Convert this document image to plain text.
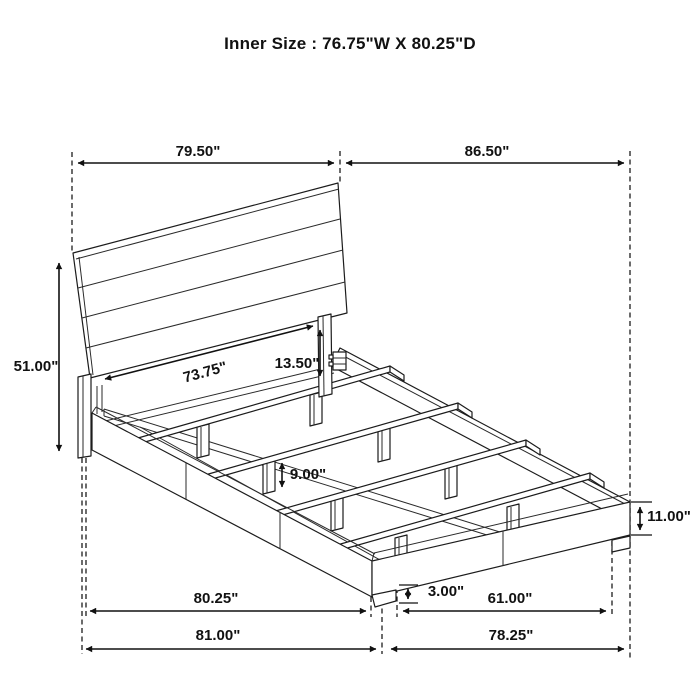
Inner Size : 76.75"W X 80.25"D
79.50"	86.50"
51.00"	73.75"	13.50"
9.00"
11.00"
80.25"	3.00" 61.00"
81.00"	78.25"
